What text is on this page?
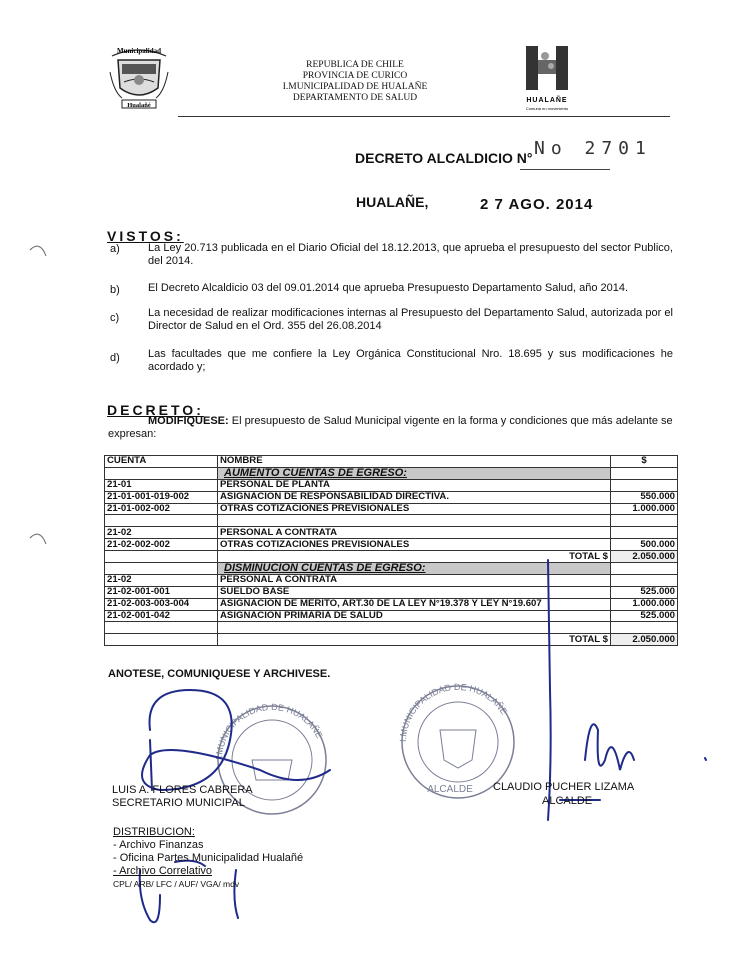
Municipalidad
Hualañé
REPUBLICA DE CHILE
PROVINCIA DE CURICO
I.MUNICIPALIDAD DE HUALAÑE
DEPARTAMENTO DE SALUD	HUALAÑE
Comuna en movimiento
DECRETO ALCALDICIO N° No 2701
HUALAÑE,	2 7 AGO. 2014
VISTOS:
a)	La Ley 20.713 publicada en el Diario Oficial del 18.12.2013, que aprueba el presupuesto del sector Publico, del 2014.
b)	El Decreto Alcaldicio 03 del 09.01.2014 que aprueba Presupuesto Departamento Salud, año 2014.
c)	La necesidad de realizar modificaciones internas al Presupuesto del Departamento Salud, autorizada por el Director de Salud en el Ord. 355 del 26.08.2014
d)	Las facultades que me confiere la Ley Orgánica Constitucional Nro. 18.695 y sus modificaciones he acordado y;
DECRETO:
MODIFIQUESE: El presupuesto de Salud Municipal vigente en la forma y condiciones que más adelante se expresan:
CUENTA	NOMBRE	$
	AUMENTO CUENTAS DE EGRESO:	
21-01	PERSONAL DE PLANTA	
21-01-001-019-002	ASIGNACION DE RESPONSABILIDAD DIRECTIVA.	550.000
21-01-002-002	OTRAS COTIZACIONES PREVISIONALES	1.000.000

21-02	PERSONAL A CONTRATA	
21-02-002-002	OTRAS COTIZACIONES PREVISIONALES	500.000
	TOTAL $	2.050.000
	DISMINUCION CUENTAS DE EGRESO:	
21-02	PERSONAL A CONTRATA	
21-02-001-001	SUELDO BASE	525.000
21-02-003-003-004	ASIGNACION DE MERITO, ART.30 DE LA LEY N°19.378 Y LEY N°19.607	1.000.000
21-02-001-042	ASIGNACION PRIMARIA DE SALUD	525.000

	TOTAL $	2.050.000
ANOTESE, COMUNIQUESE Y ARCHIVESE.
I.MUNICIPALIDAD DE HUALAÑE
I.MUNICIPALIDAD DE HUALAÑE
ALCALDE
LUIS A. FLORES CABRERA
SECRETARIO MUNICIPAL
CLAUDIO PUCHER LIZAMA
ALCALDE
DISTRIBUCION:
- Archivo Finanzas
- Oficina Partes Municipalidad Hualañé
- Archivo Correlativo
CPL/ ARB/ LFC / AUF/ VGA/ mdv
